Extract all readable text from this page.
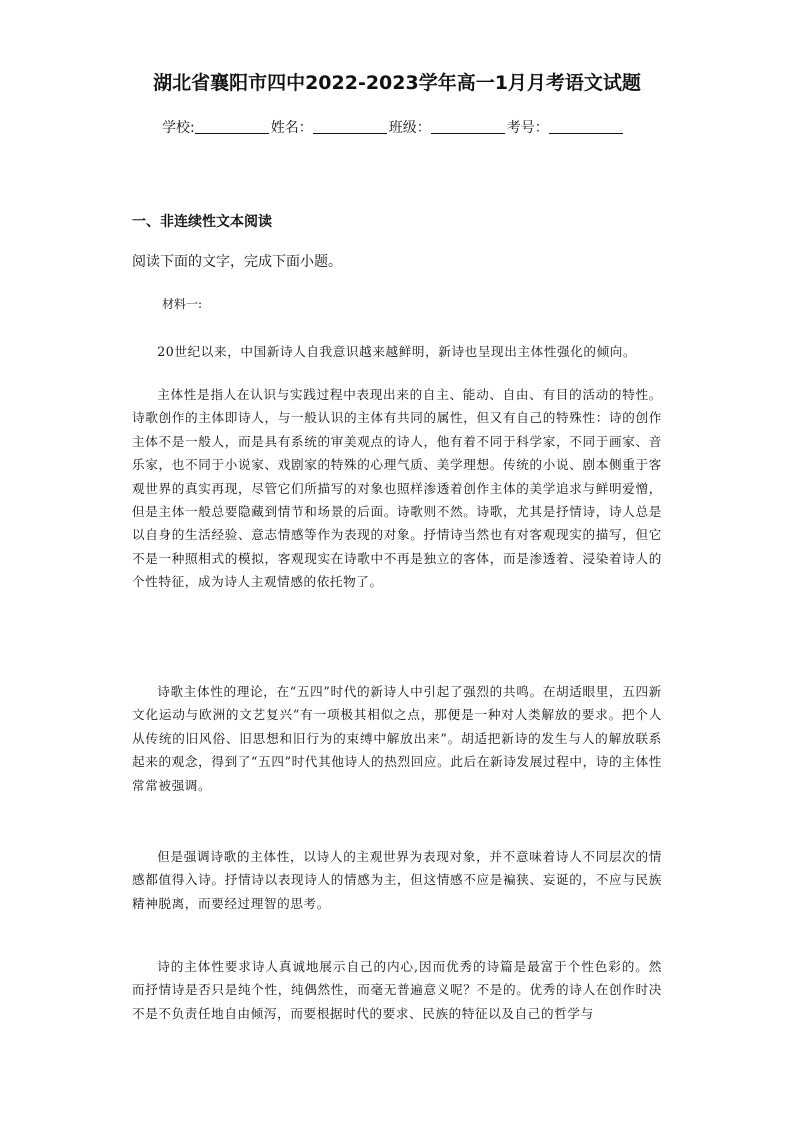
湖北省襄阳市四中2022-2023学年高一1月月考语文试题
学校:	姓名：	班级：	考号：
一、非连续性文本阅读
阅读下面的文字，完成下面小题。
材料一:

20世纪以来，中国新诗人自我意识越来越鲜明，新诗也呈现出主体性强化的倾向。

主体性是指人在认识与实践过程中表现出来的自主、能动、自由、有目的活动的特性。诗歌创作的主体即诗人，与一般认识的主体有共同的属性，但又有自己的特殊性：诗的创作主体不是一般人，而是具有系统的审美观点的诗人，他有着不同于科学家，不同于画家、音乐家，也不同于小说家、戏剧家的特殊的心理气质、美学理想。传统的小说、剧本侧重于客观世界的真实再现，尽管它们所描写的对象也照样渗透着创作主体的美学追求与鲜明爱憎，但是主体一般总要隐藏到情节和场景的后面。诗歌则不然。诗歌，尤其是抒情诗，诗人总是以自身的生活经验、意志情感等作为表现的对象。抒情诗当然也有对客观现实的描写，但它不是一种照相式的模拟，客观现实在诗歌中不再是独立的客体，而是渗透着、浸染着诗人的个性特征，成为诗人主观情感的依托物了。

诗歌主体性的理论，在“五四”时代的新诗人中引起了强烈的共鸣。在胡适眼里，五四新文化运动与欧洲的文艺复兴“有一项极其相似之点，那便是一种对人类解放的要求。把个人从传统的旧风俗、旧思想和旧行为的束缚中解放出来”。胡适把新诗的发生与人的解放联系起来的观念，得到了“五四”时代其他诗人的热烈回应。此后在新诗发展过程中，诗的主体性常常被强调。

但是强调诗歌的主体性，以诗人的主观世界为表现对象，并不意味着诗人不同层次的情感都值得入诗。抒情诗以表现诗人的情感为主，但这情感不应是褊狭、妄诞的，不应与民族精神脱离，而要经过理智的思考。

诗的主体性要求诗人真诚地展示自己的内心,因而优秀的诗篇是最富于个性色彩的。然而抒情诗是否只是纯个性，纯偶然性，而毫无普遍意义呢？不是的。优秀的诗人在创作时决不是不负责任地自由倾泻，而要根据时代的要求、民族的特征以及自己的哲学与
